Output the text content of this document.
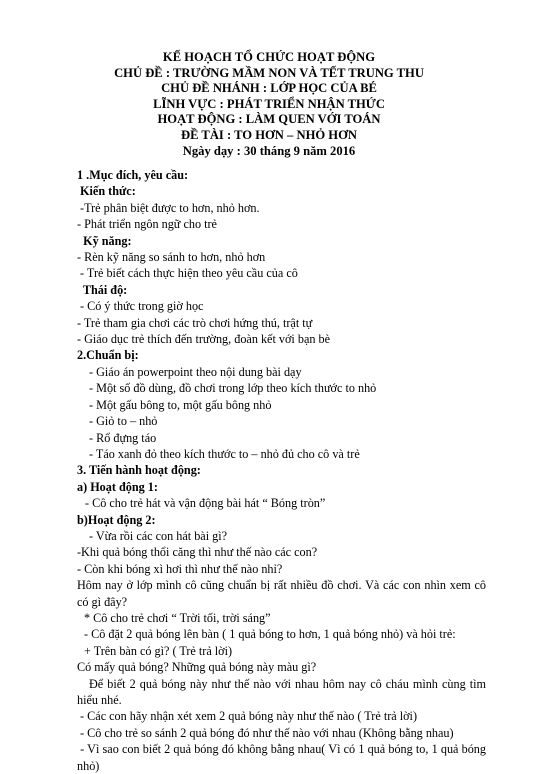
KẾ HOẠCH TỔ CHỨC HOẠT ĐỘNG
CHỦ ĐỀ : TRƯỜNG MẦM NON VÀ TẾT TRUNG THU
CHỦ ĐỀ NHÁNH : LỚP HỌC CỦA BÉ
LĨNH VỰC : PHÁT TRIỂN NHẬN THỨC
HOẠT ĐỘNG : LÀM QUEN VỚI TOÁN
ĐỀ TÀI : TO HƠN – NHỎ HƠN
Ngày dạy : 30 tháng 9 năm 2016
1 .Mục đích, yêu cầu:
Kiến thức:
-Trẻ phân biệt được to hơn, nhỏ hơn.
- Phát triển ngôn ngữ cho trẻ
Kỹ năng:
- Rèn kỹ năng so sánh to hơn, nhỏ hơn
- Trẻ biết cách thực hiện theo yêu cầu của cô
Thái độ:
- Có ý thức trong giờ học
- Trẻ tham gia chơi các trò chơi hứng thú, trật tự
- Giáo dục trẻ thích đến trường, đoàn kết với bạn bè
2.Chuẩn bị:
- Giáo án powerpoint theo nội dung bài dạy
- Một số đồ dùng, đồ chơi trong lớp theo kích thước to nhỏ
- Một gấu bông to, một gấu bông nhỏ
- Giỏ to – nhỏ
- Rổ đựng táo
- Táo xanh đỏ theo kích thước to – nhỏ đủ cho cô và trẻ
3. Tiến hành hoạt động:
a) Hoạt động 1:
- Cô cho trẻ hát và vận động bài hát “ Bóng tròn”
b)Hoạt động 2:
- Vừa rồi các con hát bài gì?
-Khi quả bóng thổi căng thì như thế nào các con?
- Còn khi bóng xì hơi thì như thế nào nhỉ?
Hôm nay ở lớp mình cô cũng chuẩn bị rất nhiều đồ chơi. Và các con nhìn xem cô có gì đây?
* Cô cho trẻ chơi “ Trời tối, trời sáng”
- Cô đặt 2 quả bóng lên bàn ( 1 quả bóng to hơn, 1 quả bóng nhỏ) và hỏi trẻ:
+ Trên bàn có gì? ( Trẻ trả lời)
Có mấy quả bóng? Những quả bóng này màu gì?
Để biết 2 quả bóng này như thế nào với nhau hôm nay cô cháu mình cùng tìm hiểu nhé.
- Các con hãy nhận xét xem 2 quả bóng này như thế nào ( Trẻ trả lời)
- Cô cho trẻ so sánh 2 quả bóng đó như thế nào với nhau (Không bằng nhau)
- Vì sao con biết 2 quả bóng đó không bằng nhau( Vì có 1 quả bóng to, 1 quả bóng nhỏ)
